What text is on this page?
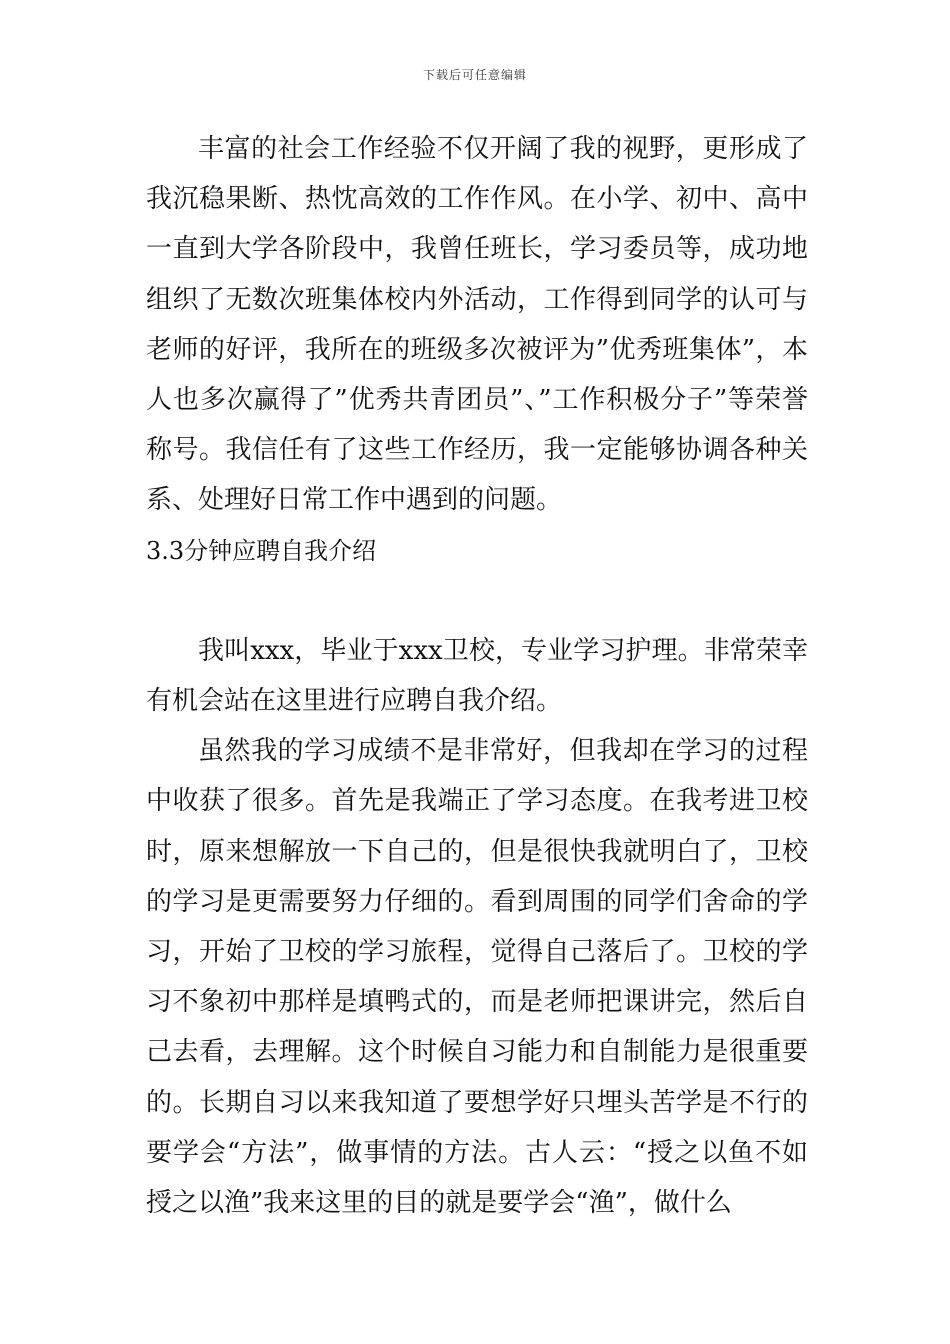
下载后可任意编辑

丰富的社会工作经验不仅开阔了我的视野，更形成了我沉稳果断、热忱高效的工作作风。在小学、初中、高中一直到大学各阶段中，我曾任班长，学习委员等，成功地组织了无数次班集体校内外活动，工作得到同学的认可与老师的好评，我所在的班级多次被评为”优秀班集体”，本人也多次赢得了”优秀共青团员”、”工作积极分子”等荣誉称号。我信任有了这些工作经历，我一定能够协调各种关系、处理好日常工作中遇到的问题。

3.3分钟应聘自我介绍

我叫xxx，毕业于xxx卫校，专业学习护理。非常荣幸有机会站在这里进行应聘自我介绍。

虽然我的学习成绩不是非常好，但我却在学习的过程中收获了很多。首先是我端正了学习态度。在我考进卫校时，原来想解放一下自己的，但是很快我就明白了，卫校的学习是更需要努力仔细的。看到周围的同学们舍命的学习，开始了卫校的学习旅程，觉得自己落后了。卫校的学习不象初中那样是填鸭式的，而是老师把课讲完，然后自己去看，去理解。这个时候自习能力和自制能力是很重要的。长期自习以来我知道了要想学好只埋头苦学是不行的要学会“方法”，做事情的方法。古人云：“授之以鱼不如授之以渔”我来这里的目的就是要学会“渔”，做什么
